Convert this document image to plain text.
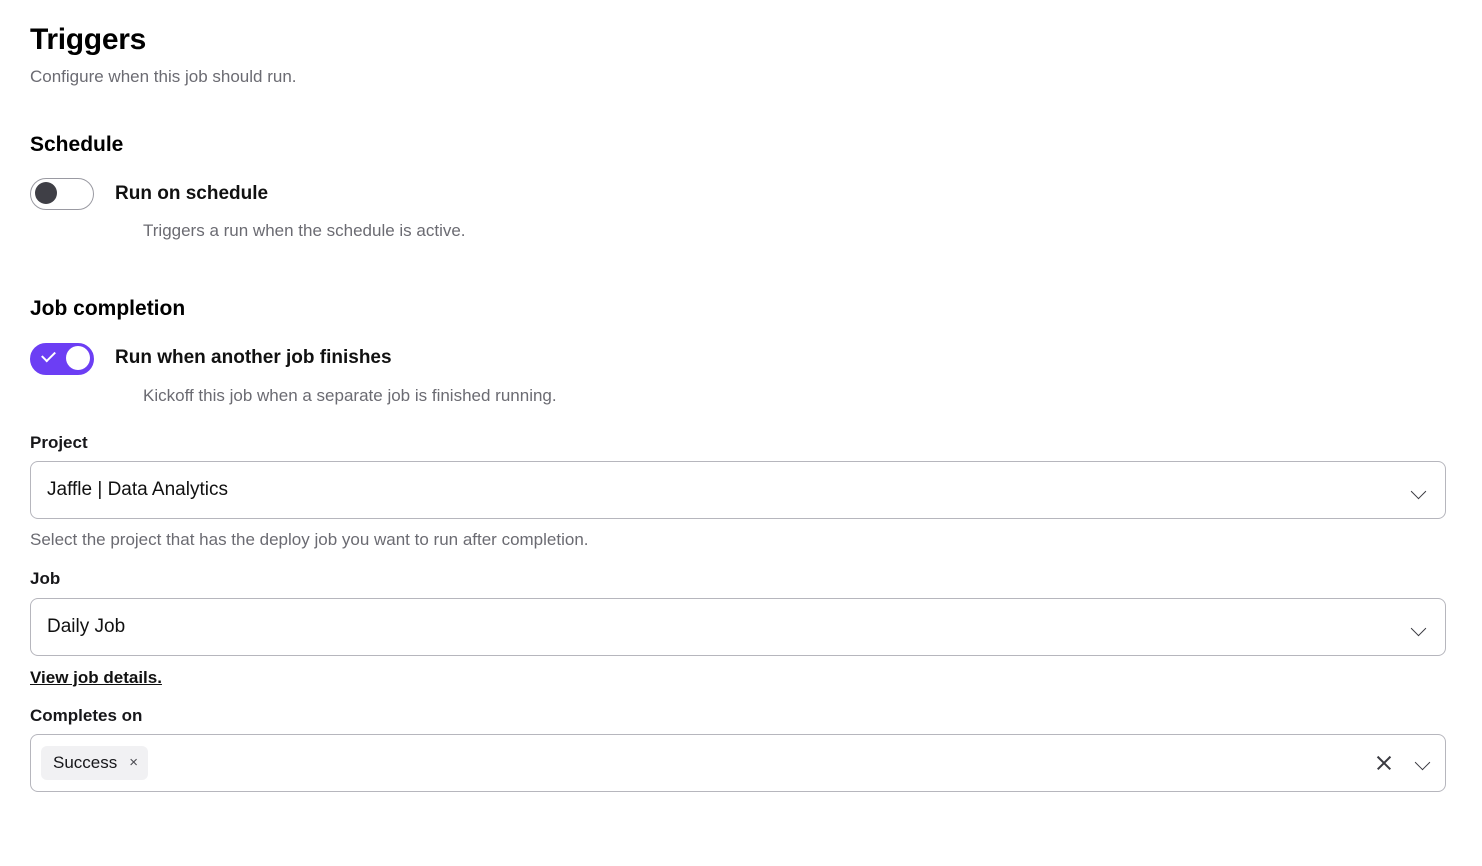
Triggers

Configure when this job should run.

Schedule
Run on schedule

Triggers a run when the schedule is active.

Job completion
Run when another job finishes

Kickoff this job when a separate job is finished running.

Project
Jaffle | Data Analytics

Select the project that has the deploy job you want to run after completion.

Job
Daily Job
View job details.
Completes on
Success ×
